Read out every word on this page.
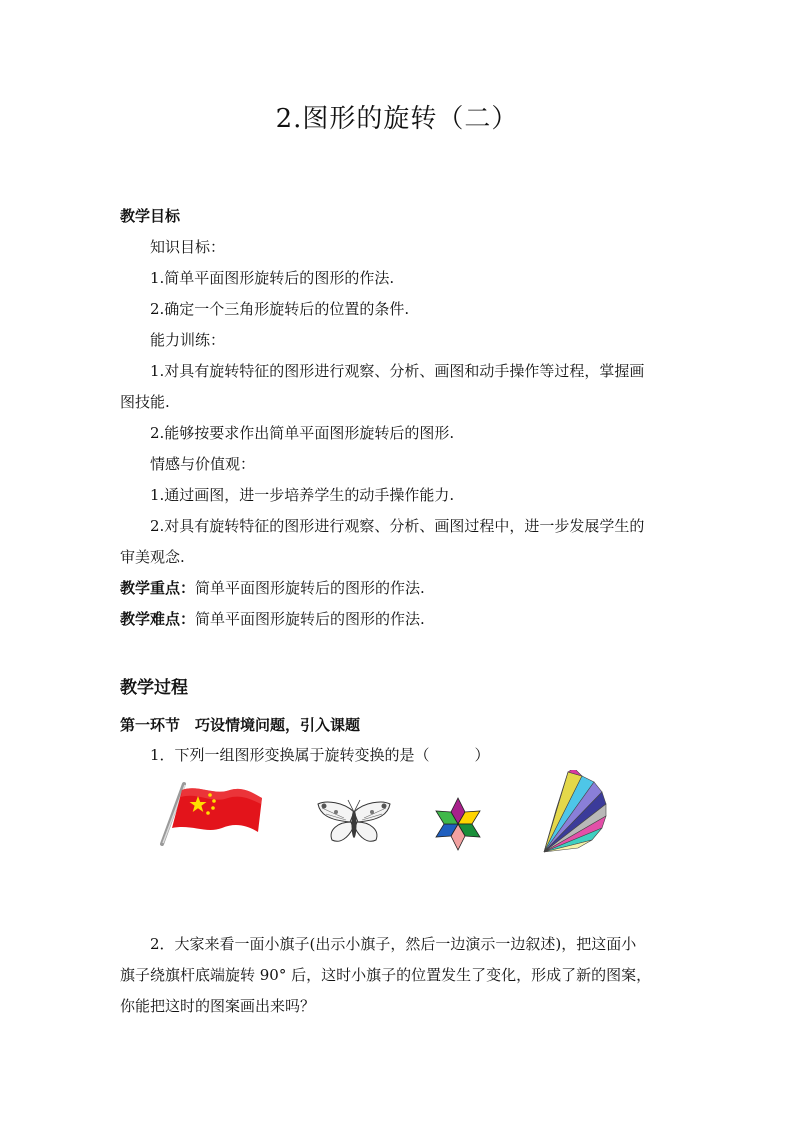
2.图形的旋转（二）
教学目标
知识目标：
1.简单平面图形旋转后的图形的作法.
2.确定一个三角形旋转后的位置的条件.
能力训练：
1.对具有旋转特征的图形进行观察、分析、画图和动手操作等过程，掌握画
图技能.
2.能够按要求作出简单平面图形旋转后的图形.
情感与价值观：
1.通过画图，进一步培养学生的动手操作能力.
2.对具有旋转特征的图形进行观察、分析、画图过程中，进一步发展学生的
审美观念.
教学重点：简单平面图形旋转后的图形的作法.
教学难点：简单平面图形旋转后的图形的作法.
教学过程
第一环节　巧设情境问题，引入课题
1．下列一组图形变换属于旋转变换的是（　　　）
2．大家来看一面小旗子(出示小旗子，然后一边演示一边叙述)，把这面小
旗子绕旗杆底端旋转 90° 后，这时小旗子的位置发生了变化，形成了新的图案，
你能把这时的图案画出来吗？
